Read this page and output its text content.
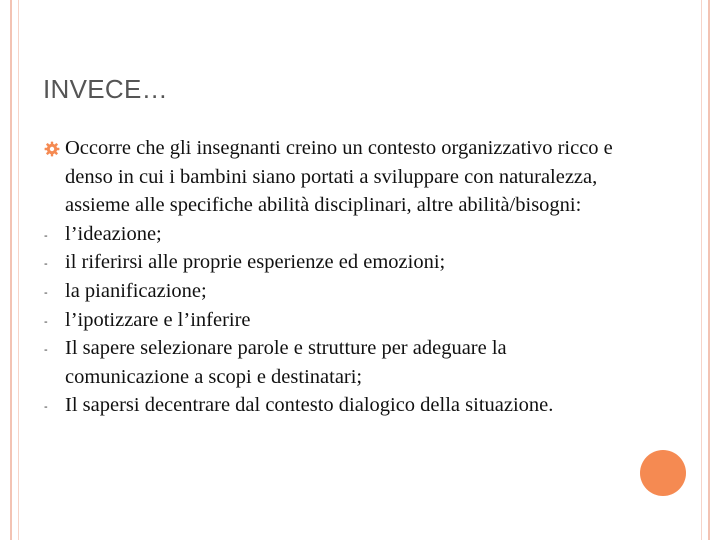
INVECE…
Occorre che gli insegnanti creino un contesto organizzativo ricco e denso in cui i bambini siano portati a sviluppare con naturalezza, assieme alle specifiche abilità disciplinari, altre abilità/bisogni:
- l’ideazione;
- il riferirsi alle proprie esperienze ed emozioni;
- la pianificazione;
- l’ipotizzare e l’inferire
- Il sapere selezionare parole e strutture per adeguare la comunicazione a scopi e destinatari;
- Il sapersi decentrare dal contesto dialogico della situazione.
